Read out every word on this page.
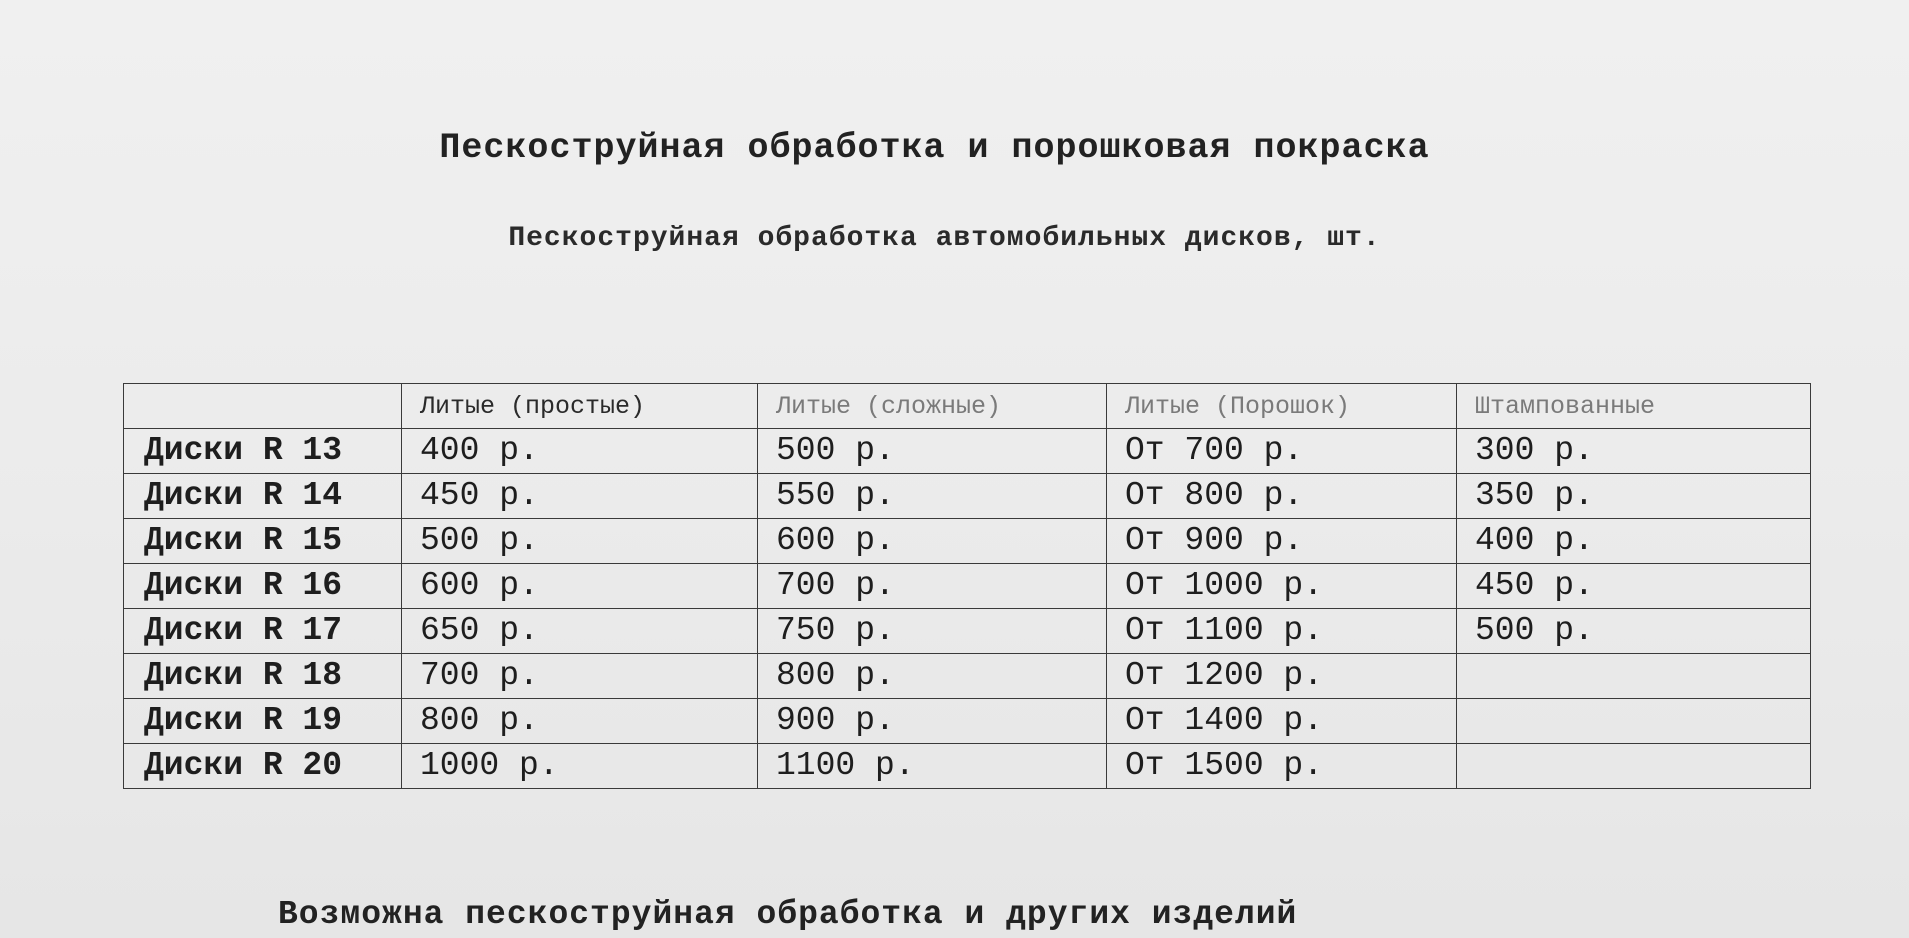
Пескоструйная обработка и порошковая покраска
Пескоструйная обработка автомобильных дисков, шт.
	Литые (простые)	Литые (сложные)	Литые (Порошок)	Штампованные
Диски R 13	400 р.	500 р.	От 700 р.	300 р.
Диски R 14	450 р.	550 р.	От 800 р.	350 р.
Диски R 15	500 р.	600 р.	От 900 р.	400 р.
Диски R 16	600 р.	700 р.	От 1000 р.	450 р.
Диски R 17	650 р.	750 р.	От 1100 р.	500 р.
Диски R 18	700 р.	800 р.	От 1200 р.	
Диски R 19	800 р.	900 р.	От 1400 р.	
Диски R 20	1000 р.	1100 р.	От 1500 р.	
Возможна пескоструйная обработка и других изделий
